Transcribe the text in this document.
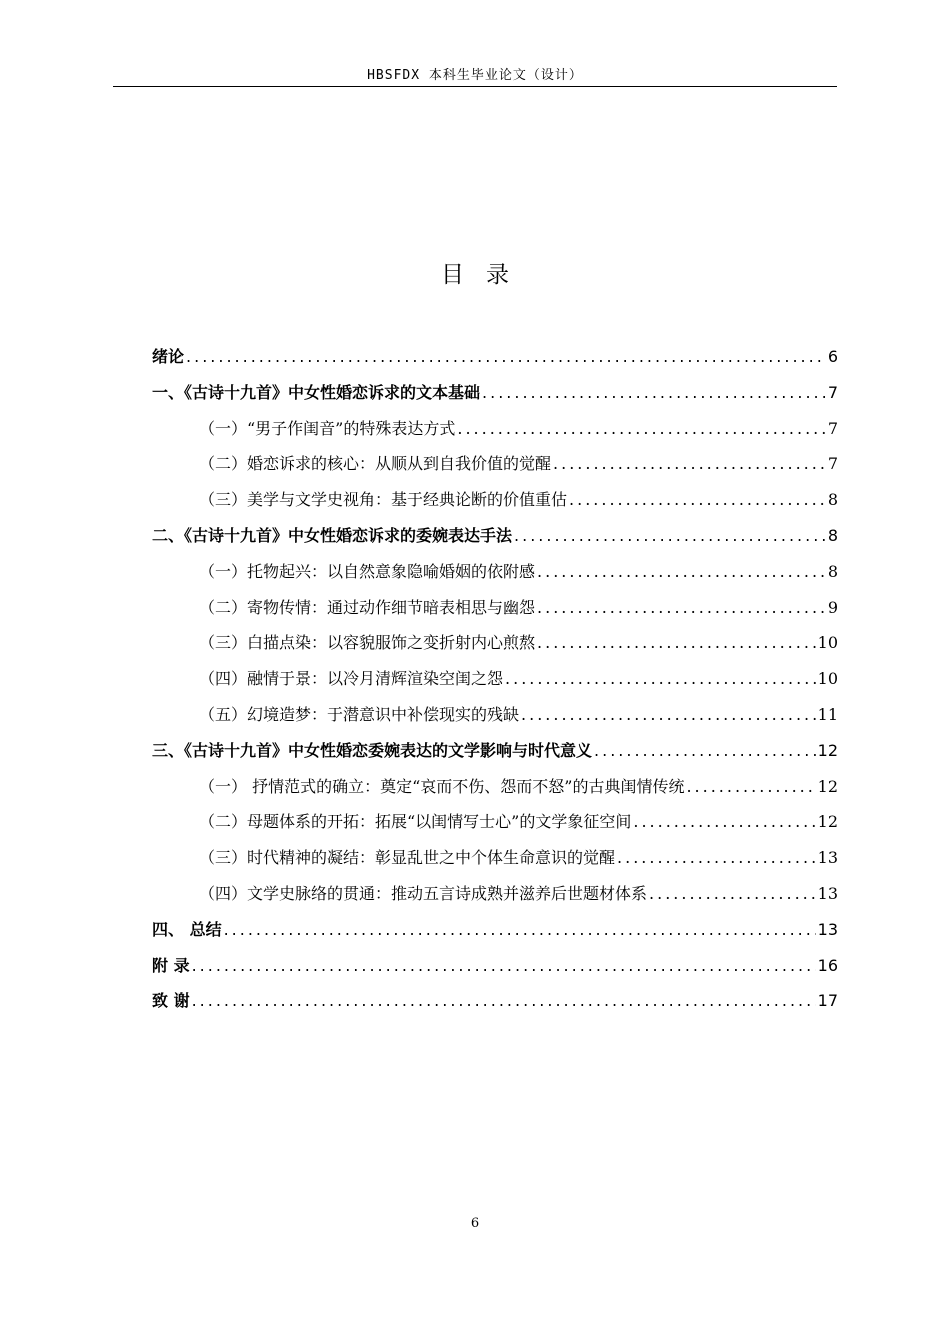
HBSFDX 本科生毕业论文（设计）
目录
绪论 .....	6
一、《古诗十九首》中女性婚恋诉求的文本基础 .....	7
（一）“男子作闺音”的特殊表达方式 .....	7
（二）婚恋诉求的核心：从顺从到自我价值的觉醒 .....	7
（三）美学与文学史视角：基于经典论断的价值重估 .....	8
二、《古诗十九首》中女性婚恋诉求的委婉表达手法 .....	8
（一）托物起兴：以自然意象隐喻婚姻的依附感 .....	8
（二）寄物传情：通过动作细节暗表相思与幽怨 .....	9
（三）白描点染：以容貌服饰之变折射内心煎熬 .....	10
（四）融情于景：以冷月清辉渲染空闺之怨 .....	10
（五）幻境造梦：于潜意识中补偿现实的残缺 .....	11
三、《古诗十九首》中女性婚恋委婉表达的文学影响与时代意义 .....	12
（一） 抒情范式的确立：奠定“哀而不伤、怨而不怒”的古典闺情传统 .....	12
（二）母题体系的开拓：拓展“以闺情写士心”的文学象征空间 .....	12
（三）时代精神的凝结：彰显乱世之中个体生命意识的觉醒 .....	13
（四）文学史脉络的贯通：推动五言诗成熟并滋养后世题材体系 .....	13
四、 总结 .....	13
附 录 .....	16
致 谢 .....	17
6
